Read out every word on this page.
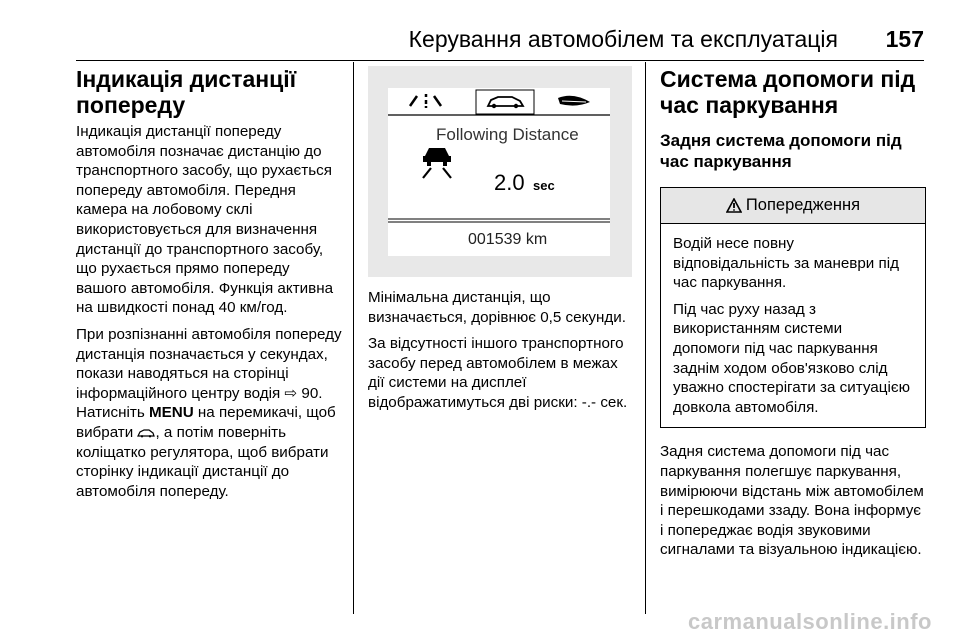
Керування автомобілем та експлуатація 157
Індикація дистанції попереду

Індикація дистанції попереду автомобіля позначає дистанцію до транспортного засобу, що рухається попереду автомобіля. Передня камера на лобовому склі використовується для визначення дистанції до транспортного засобу, що рухається прямо попереду вашого автомобіля. Функція активна на швидкості понад 40 км/год.

При розпізнанні автомобіля попереду дистанція позначається у секундах, покази наводяться на сторінці інформаційного центру водія ⇨ 90. Натисніть MENU на перемикачі, щоб вибрати , а потім поверніть коліщатко регулятора, щоб вибрати сторінку індикації дистанції до автомобіля попереду.

Following Distance
2.0 sec
001539 km

Мінімальна дистанція, що визначається, дорівнює 0,5 секунди.

За відсутності іншого транспортного засобу перед автомобілем в межах дії системи на дисплеї відображатимуться дві риски: -.- сек.

Система допомоги під час паркування
Задня система допомоги під час паркування
Попередження

Водій несе повну відповідальність за маневри під час паркування.

Під час руху назад з використанням системи допомоги під час паркування заднім ходом обов'язково слід уважно спостерігати за ситуацією довкола автомобіля.

Задня система допомоги під час паркування полегшує паркування, вимірюючи відстань між автомобілем і перешкодами ззаду. Вона інформує і попереджає водія звуковими сигналами та візуальною індикацією.

carmanualsonline.info
